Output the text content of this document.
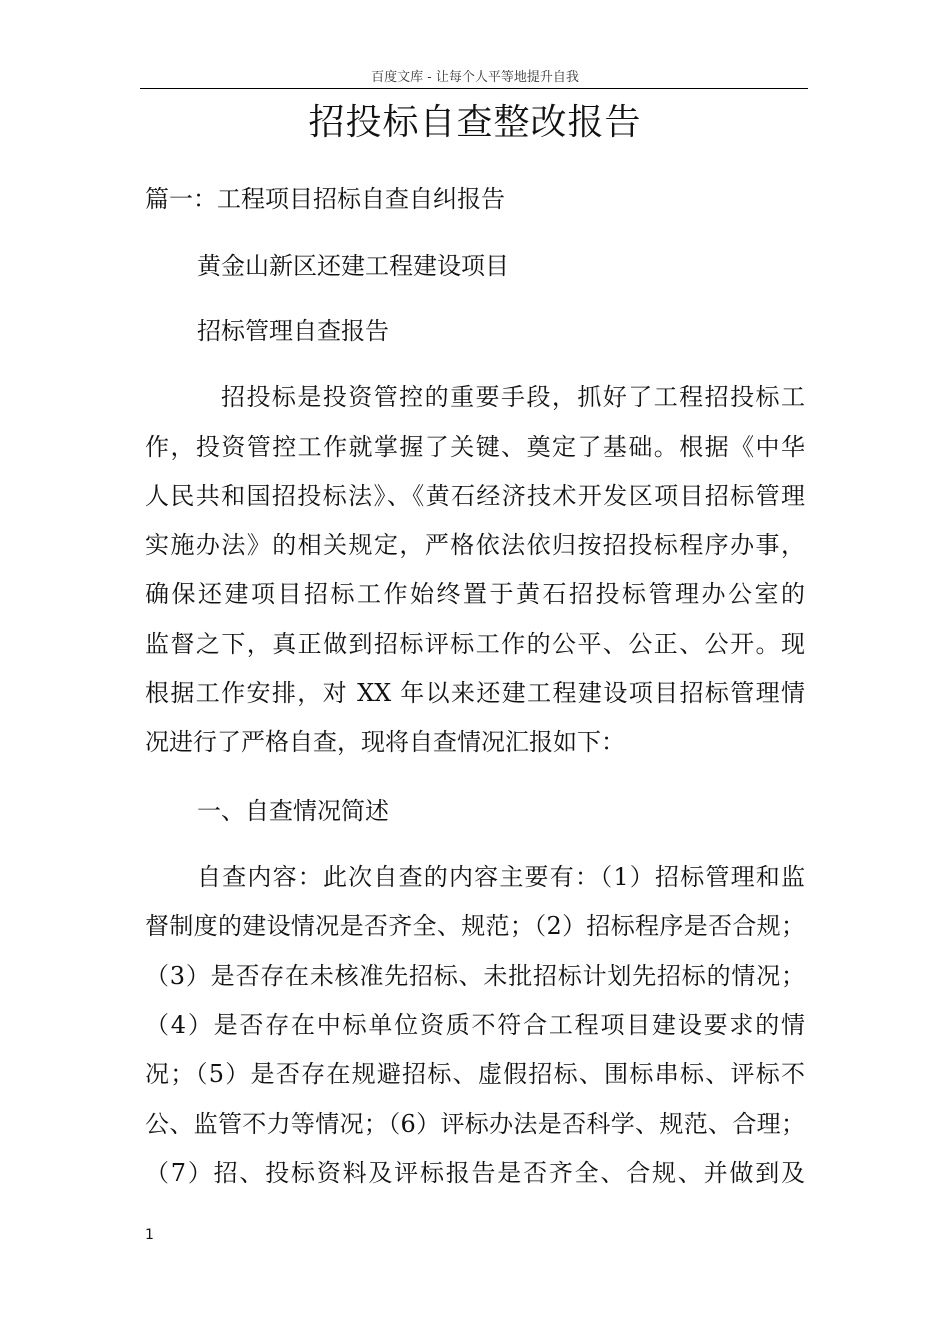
百度文库 - 让每个人平等地提升自我
招投标自查整改报告
篇一：工程项目招标自查自纠报告
黄金山新区还建工程建设项目
招标管理自查报告
招投标是投资管控的重要手段，抓好了工程招投标工
作，投资管控工作就掌握了关键、奠定了基础。根据《中华
人民共和国招投标法》、《黄石经济技术开发区项目招标管理
实施办法》的相关规定，严格依法依归按招投标程序办事，
确保还建项目招标工作始终置于黄石招投标管理办公室的
监督之下，真正做到招标评标工作的公平、公正、公开。现
根据工作安排，对 XX 年以来还建工程建设项目招标管理情
况进行了严格自查，现将自查情况汇报如下：
一、自查情况简述
自查内容：此次自查的内容主要有：（1）招标管理和监
督制度的建设情况是否齐全、规范；（2）招标程序是否合规；
（3）是否存在未核准先招标、未批招标计划先招标的情况；
（4）是否存在中标单位资质不符合工程项目建设要求的情
况；（5）是否存在规避招标、虚假招标、围标串标、评标不
公、监管不力等情况；（6）评标办法是否科学、规范、合理；
（7）招、投标资料及评标报告是否齐全、合规、并做到及
1
